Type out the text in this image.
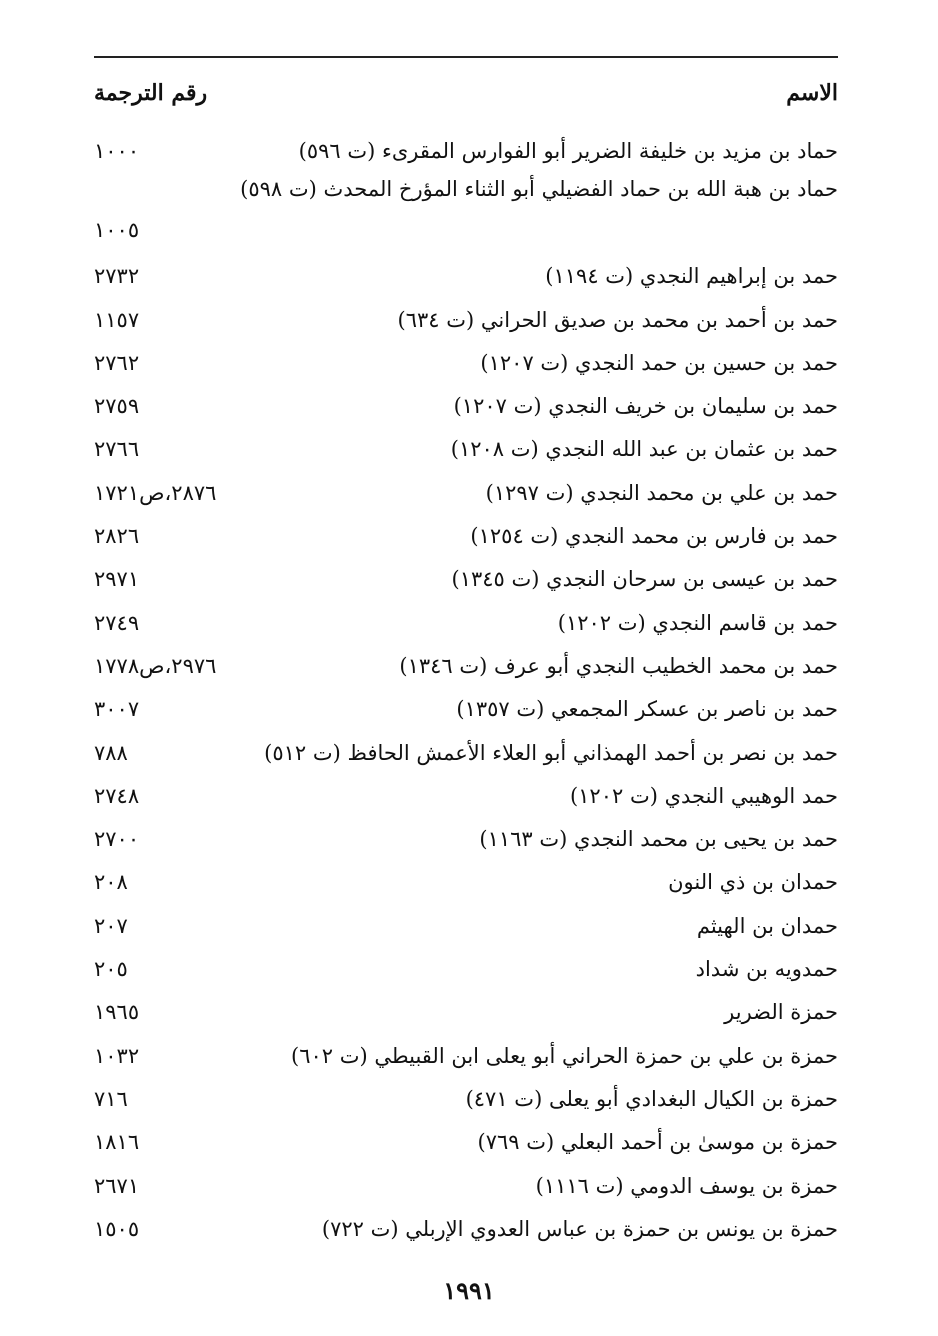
الاسم
رقم الترجمة
حماد بن مزيد بن خليفة الضرير أبو الفوارس المقرىء (ت ٥٩٦)
١٠٠٠
حماد بن هبة الله بن حماد الفضيلي أبو الثناء المؤرخ المحدث (ت ٥٩٨)
١٠٠٥
حمد بن إبراهيم النجدي (ت ١١٩٤)
٢٧٣٢
حمد بن أحمد بن محمد بن صديق الحراني (ت ٦٣٤)
١١٥٧
حمد بن حسين بن حمد النجدي (ت ١٢٠٧)
٢٧٦٢
حمد بن سليمان بن خريف النجدي (ت ١٢٠٧)
٢٧٥٩
حمد بن عثمان بن عبد الله النجدي (ت ١٢٠٨)
٢٧٦٦
حمد بن علي بن محمد النجدي (ت ١٢٩٧)
٢٨٧٦،ص١٧٢١
حمد بن فارس بن محمد النجدي (ت ١٢٥٤)
٢٨٢٦
حمد بن عيسى بن سرحان النجدي (ت ١٣٤٥)
٢٩٧١
حمد بن قاسم النجدي (ت ١٢٠٢)
٢٧٤٩
حمد بن محمد الخطيب النجدي أبو عرف (ت ١٣٤٦)
٢٩٧٦،ص١٧٧٨
حمد بن ناصر بن عسكر المجمعي (ت ١٣٥٧)
٣٠٠٧
حمد بن نصر بن أحمد الهمذاني أبو العلاء الأعمش الحافظ (ت ٥١٢)
٧٨٨
حمد الوهيبي النجدي (ت ١٢٠٢)
٢٧٤٨
حمد بن يحيى بن محمد النجدي (ت ١١٦٣)
٢٧٠٠
حمدان بن ذي النون
٢٠٨
حمدان بن الهيثم
٢٠٧
حمدويه بن شداد
٢٠٥
حمزة الضرير
١٩٦٥
حمزة بن علي بن حمزة الحراني أبو يعلى ابن القبيطي (ت ٦٠٢)
١٠٣٢
حمزة بن الكيال البغدادي أبو يعلى (ت ٤٧١)
٧١٦
حمزة بن موسىٰ بن أحمد البعلي (ت ٧٦٩)
١٨١٦
حمزة بن يوسف الدومي (ت ١١١٦)
٢٦٧١
حمزة بن يونس بن حمزة بن عباس العدوي الإربلي (ت ٧٢٢)
١٥٠٥
١٩٩١
